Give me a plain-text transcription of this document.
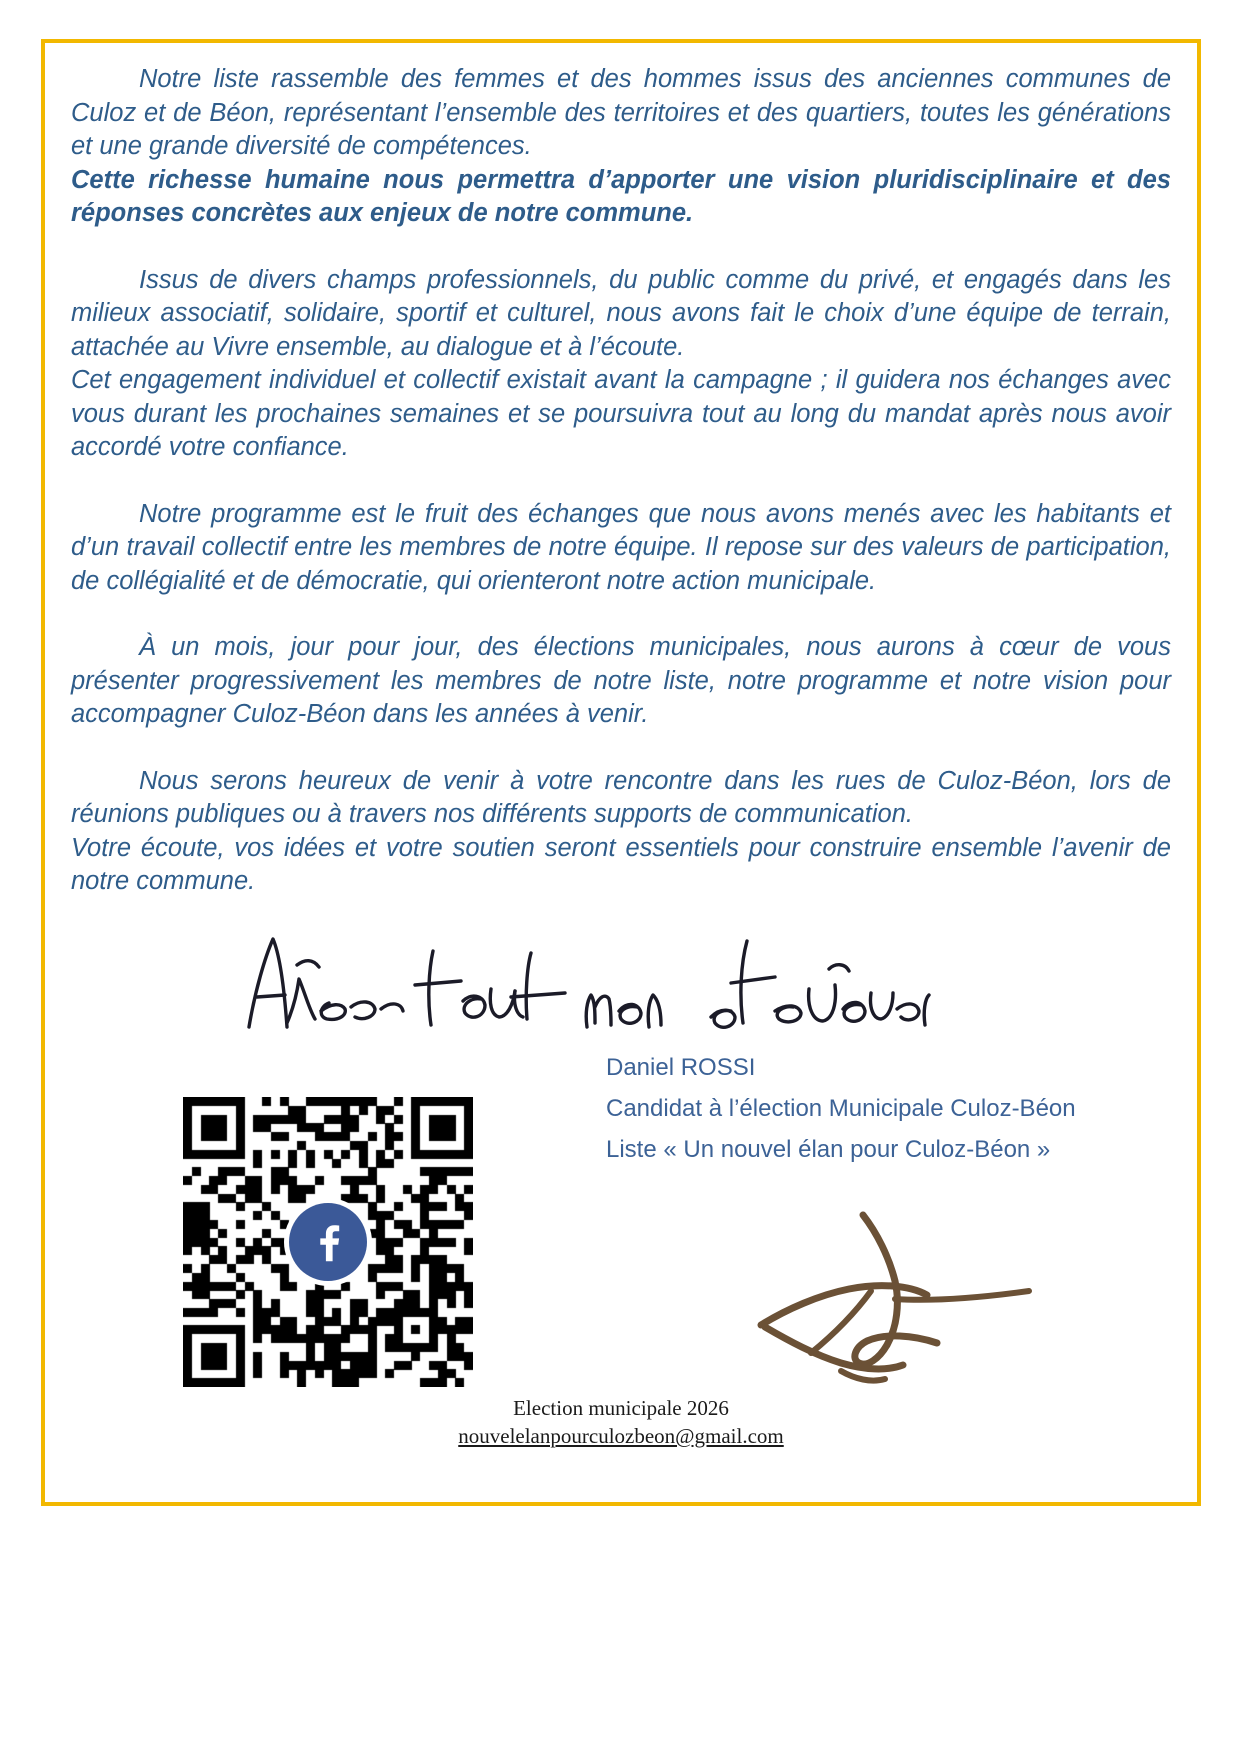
Notre liste rassemble des femmes et des hommes issus des anciennes communes de Culoz et de Béon, représentant l’ensemble des territoires et des quartiers, toutes les générations et une grande diversité de compétences.

Cette richesse humaine nous permettra d’apporter une vision pluridisciplinaire et des réponses concrètes aux enjeux de notre commune.

Issus de divers champs professionnels, du public comme du privé, et engagés dans les milieux associatif, solidaire, sportif et culturel, nous avons fait le choix d’une équipe de terrain, attachée au Vivre ensemble, au dialogue et à l’écoute.

Cet engagement individuel et collectif existait avant la campagne ; il guidera nos échanges avec vous durant les prochaines semaines et se poursuivra tout au long du mandat après nous avoir accordé votre confiance.

Notre programme est le fruit des échanges que nous avons menés avec les habitants et d’un travail collectif entre les membres de notre équipe. Il repose sur des valeurs de participation, de collégialité et de démocratie, qui orienteront notre action municipale.

À un mois, jour pour jour, des élections municipales, nous aurons à cœur de vous présenter progressivement les membres de notre liste, notre programme et notre vision pour accompagner Culoz-Béon dans les années à venir.

Nous serons heureux de venir à votre rencontre dans les rues de Culoz-Béon, lors de réunions publiques ou à travers nos différents supports de communication.

Votre écoute, vos idées et votre soutien seront essentiels pour construire ensemble l’avenir de notre commune.

Daniel ROSSI
Candidat à l’élection Municipale Culoz-Béon
Liste « Un nouvel élan pour Culoz-Béon »
Election municipale 2026
nouvelelanpourculozbeon@gmail.com
